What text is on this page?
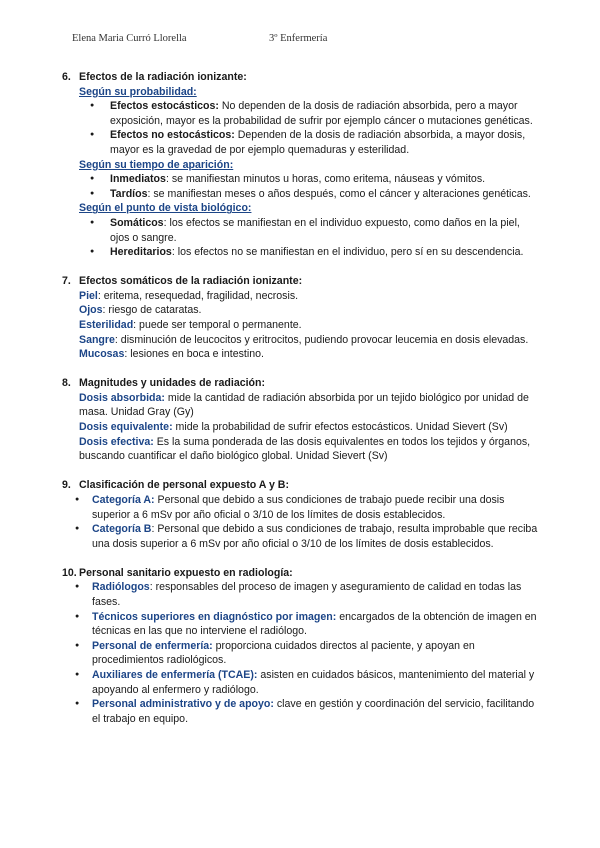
Elena Maria Curró Llorella	3º Enfermería
6. Efectos de la radiación ionizante:
Según su probabilidad:
● Efectos estocásticos: No dependen de la dosis de radiación absorbida, pero a mayor exposición, mayor es la probabilidad de sufrir por ejemplo cáncer o mutaciones genéticas.
● Efectos no estocásticos: Dependen de la dosis de radiación absorbida, a mayor dosis, mayor es la gravedad de por ejemplo quemaduras y esterilidad.
Según su tiempo de aparición:
● Inmediatos: se manifiestan minutos u horas, como eritema, náuseas y vómitos.
● Tardíos: se manifiestan meses o años después, como el cáncer y alteraciones genéticas.
Según el punto de vista biológico:
● Somáticos: los efectos se manifiestan en el individuo expuesto, como daños en la piel, ojos o sangre.
● Hereditarios: los efectos no se manifiestan en el individuo, pero sí en su descendencia.
7. Efectos somáticos de la radiación ionizante:
Piel: eritema, resequedad, fragilidad, necrosis.
Ojos: riesgo de cataratas.
Esterilidad: puede ser temporal o permanente.
Sangre: disminución de leucocitos y eritrocitos, pudiendo provocar leucemia en dosis elevadas.
Mucosas: lesiones en boca e intestino.
8. Magnitudes y unidades de radiación:
Dosis absorbida: mide la cantidad de radiación absorbida por un tejido biológico por unidad de masa. Unidad Gray (Gy)
Dosis equivalente: mide la probabilidad de sufrir efectos estocásticos. Unidad Sievert (Sv)
Dosis efectiva: Es la suma ponderada de las dosis equivalentes en todos los tejidos y órganos, buscando cuantificar el daño biológico global. Unidad Sievert (Sv)
9. Clasificación de personal expuesto A y B:
● Categoría A: Personal que debido a sus condiciones de trabajo puede recibir una dosis superior a 6 mSv por año oficial o 3/10 de los límites de dosis establecidos.
● Categoría B: Personal que debido a sus condiciones de trabajo, resulta improbable que reciba una dosis superior a 6 mSv por año oficial o 3/10 de los límites de dosis establecidos.
10. Personal sanitario expuesto en radiología:
● Radiólogos: responsables del proceso de imagen y aseguramiento de calidad en todas las fases.
● Técnicos superiores en diagnóstico por imagen: encargados de la obtención de imagen en técnicas en las que no interviene el radiólogo.
● Personal de enfermería: proporciona cuidados directos al paciente, y apoyan en procedimientos radiológicos.
● Auxiliares de enfermería (TCAE): asisten en cuidados básicos, mantenimiento del material y apoyando al enfermero y radiólogo.
● Personal administrativo y de apoyo: clave en gestión y coordinación del servicio, facilitando el trabajo en equipo.
